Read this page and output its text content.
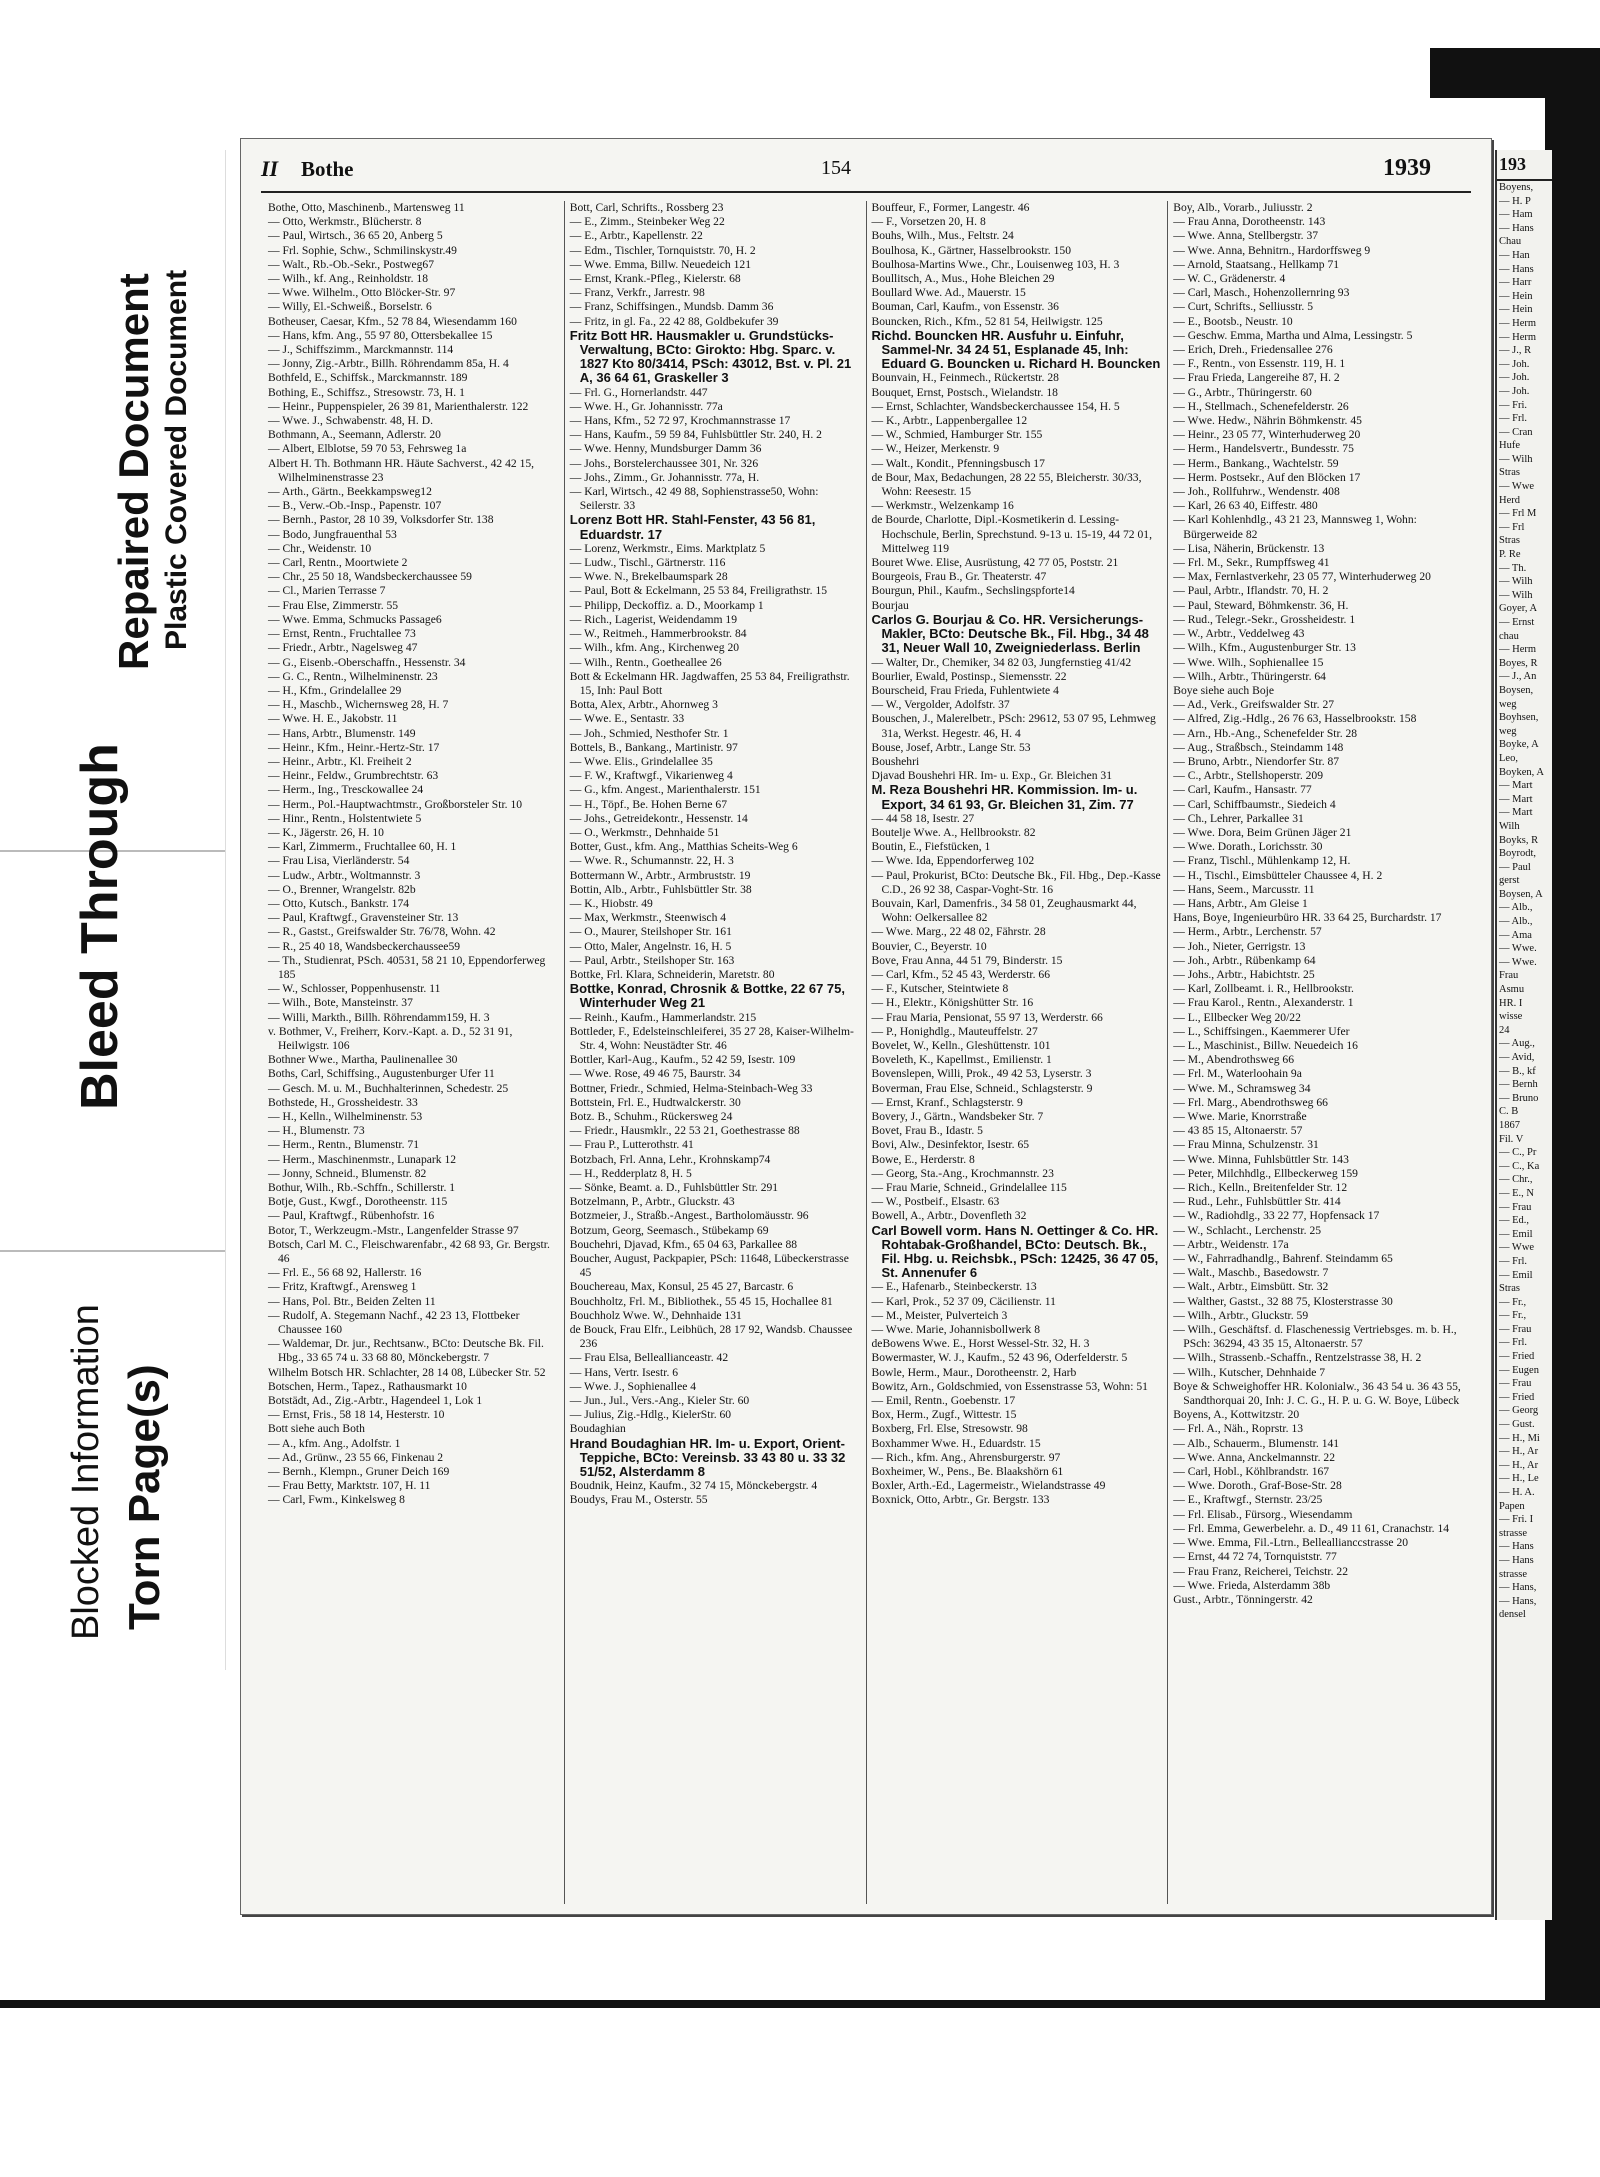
Torn Page(s)
Blocked Information
Bleed Through
Repaired Document Plastic Covered Document
II Bothe	154	1939

Bothe, Otto, Maschinenb., Martensweg 11

— Otto, Werkmstr., Blücherstr. 8

— Paul, Wirtsch., 36 65 20, Anberg 5

— Frl. Sophie, Schw., Schmilinskystr.49

— Walt., Rb.-Ob.-Sekr., Postweg67

— Wilh., kf. Ang., Reinholdstr. 18

— Wwe. Wilhelm., Otto Blöcker-Str. 97

— Willy, El.-Schweiß., Borselstr. 6

Botheuser, Caesar, Kfm., 52 78 84, Wiesendamm 160

— Hans, kfm. Ang., 55 97 80, Ottersbekallee 15

— J., Schiffszimm., Marckmannstr. 114

— Jonny, Zig.-Arbtr., Billh. Röhrendamm 85a, H. 4

Bothfeld, E., Schiffsk., Marckmannstr. 189

Bothing, E., Schiffsz., Stresowstr. 73, H. 1

— Heinr., Puppenspieler, 26 39 81, Marienthalerstr. 122

— Wwe. J., Schwabenstr. 48, H. D.

Bothmann, A., Seemann, Adlerstr. 20

— Albert, Elblotse, 59 70 53, Fehrsweg 1a

Albert H. Th. Bothmann HR. Häute Sachverst., 42 42 15, Wilhelminenstrasse 23

— Arth., Gärtn., Beekkampsweg12

— B., Verw.-Ob.-Insp., Papenstr. 107

— Bernh., Pastor, 28 10 39, Volksdorfer Str. 138

— Bodo, Jungfrauenthal 53

— Chr., Weidenstr. 10

— Carl, Rentn., Moortwiete 2

— Chr., 25 50 18, Wandsbeckerchaussee 59

— Cl., Marien Terrasse 7

— Frau Else, Zimmerstr. 55

— Wwe. Emma, Schmucks Passage6

— Ernst, Rentn., Fruchtallee 73

— Friedr., Arbtr., Nagelsweg 47

— G., Eisenb.-Oberschaffn., Hessenstr. 34

— G. C., Rentn., Wilhelminenstr. 23

— H., Kfm., Grindelallee 29

— H., Maschb., Wichernsweg 28, H. 7

— Wwe. H. E., Jakobstr. 11

— Hans, Arbtr., Blumenstr. 149

— Heinr., Kfm., Heinr.-Hertz-Str. 17

— Heinr., Arbtr., Kl. Freiheit 2

— Heinr., Feldw., Grumbrechtstr. 63

— Herm., Ing., Tresckowallee 24

— Herm., Pol.-Hauptwachtmstr., Großborsteler Str. 10

— Hinr., Rentn., Holstentwiete 5

— K., Jägerstr. 26, H. 10

— Karl, Zimmerm., Fruchtallee 60, H. 1

— Frau Lisa, Vierländerstr. 54

— Ludw., Arbtr., Woltmannstr. 3

— O., Brenner, Wrangelstr. 82b

— Otto, Kutsch., Bankstr. 174

— Paul, Kraftwgf., Gravensteiner Str. 13

— R., Gastst., Greifswalder Str. 76/78, Wohn. 42

— R., 25 40 18, Wandsbeckerchaussee59

— Th., Studienrat, PSch. 40531, 58 21 10, Eppendorferweg 185

— W., Schlosser, Poppenhusenstr. 11

— Wilh., Bote, Mansteinstr. 37

— Willi, Markth., Billh. Röhrendamm159, H. 3

v. Bothmer, V., Freiherr, Korv.-Kapt. a. D., 52 31 91, Heilwigstr. 106

Bothner Wwe., Martha, Paulinenallee 30

Boths, Carl, Schiffsing., Augustenburger Ufer 11

— Gesch. M. u. M., Buchhalterinnen, Schedestr. 25

Bothstede, H., Grossheidestr. 33

— H., Kelln., Wilhelminenstr. 53

— H., Blumenstr. 73

— Herm., Rentn., Blumenstr. 71

— Herm., Maschinenmstr., Lunapark 12

— Jonny, Schneid., Blumenstr. 82

Bothur, Wilh., Rb.-Schffn., Schillerstr. 1

Botje, Gust., Kwgf., Dorotheenstr. 115

— Paul, Kraftwgf., Rübenhofstr. 16

Botor, T., Werkzeugm.-Mstr., Langenfelder Strasse 97

Botsch, Carl M. C., Fleischwarenfabr., 42 68 93, Gr. Bergstr. 46

— Frl. E., 56 68 92, Hallerstr. 16

— Fritz, Kraftwgf., Arensweg 1

— Hans, Pol. Btr., Beiden Zelten 11

— Rudolf, A. Stegemann Nachf., 42 23 13, Flottbeker Chaussee 160

— Waldemar, Dr. jur., Rechtsanw., BCto: Deutsche Bk. Fil. Hbg., 33 65 74 u. 33 68 80, Mönckebergstr. 7

Wilhelm Botsch HR. Schlachter, 28 14 08, Lübecker Str. 52

Botschen, Herm., Tapez., Rathausmarkt 10

Botstädt, Ad., Zig.-Arbtr., Hagendeel 1, Lok 1

— Ernst, Fris., 58 18 14, Hesterstr. 10

Bott siehe auch Both

— A., kfm. Ang., Adolfstr. 1

— Ad., Grünw., 23 55 66, Finkenau 2

— Bernh., Klempn., Gruner Deich 169

— Frau Betty, Marktstr. 107, H. 11

— Carl, Fwm., Kinkelsweg 8

Bott, Carl, Schrifts., Rossberg 23

— E., Zimm., Steinbeker Weg 22

— E., Arbtr., Kapellenstr. 22

— Edm., Tischler, Tornquiststr. 70, H. 2

— Wwe. Emma, Billw. Neuedeich 121

— Ernst, Krank.-Pfleg., Kielerstr. 68

— Franz, Verkfr., Jarrestr. 98

— Franz, Schiffsingen., Mundsb. Damm 36

— Fritz, in gl. Fa., 22 42 88, Goldbekufer 39

Fritz Bott HR. Hausmakler u. Grundstücks-Verwaltung, BCto: Girokto: Hbg. Sparc. v. 1827 Kto 80/3414, PSch: 43012, Bst. v. Pl. 21 A, 36 64 61, Graskeller 3

— Frl. G., Hornerlandstr. 447

— Wwe. H., Gr. Johannisstr. 77a

— Hans, Kfm., 52 72 97, Krochmannstrasse 17

— Hans, Kaufm., 59 59 84, Fuhlsbüttler Str. 240, H. 2

— Wwe. Henny, Mundsburger Damm 36

— Johs., Borstelerchaussee 301, Nr. 326

— Johs., Zimm., Gr. Johannisstr. 77a, H.

— Karl, Wirtsch., 42 49 88, Sophienstrasse50, Wohn: Seilerstr. 33

Lorenz Bott HR. Stahl-Fenster, 43 56 81, Eduardstr. 17

— Lorenz, Werkmstr., Eims. Marktplatz 5

— Ludw., Tischl., Gärtnerstr. 116

— Wwe. N., Brekelbaumspark 28

— Paul, Bott & Eckelmann, 25 53 84, Freiligrathstr. 15

— Philipp, Deckoffiz. a. D., Moorkamp 1

— Rich., Lagerist, Weidendamm 19

— W., Reitmeh., Hammerbrookstr. 84

— Wilh., kfm. Ang., Kirchenweg 20

— Wilh., Rentn., Goetheallee 26

Bott & Eckelmann HR. Jagdwaffen, 25 53 84, Freiligrathstr. 15, Inh: Paul Bott

Botta, Alex, Arbtr., Ahornweg 3

— Wwe. E., Sentastr. 33

— Joh., Schmied, Nesthofer Str. 1

Bottels, B., Bankang., Martinistr. 97

— Wwe. Elis., Grindelallee 35

— F. W., Kraftwgf., Vikarienweg 4

— G., kfm. Angest., Marienthalerstr. 151

— H., Töpf., Be. Hohen Berne 67

— Johs., Getreidekontr., Hessenstr. 14

— O., Werkmstr., Dehnhaide 51

Botter, Gust., kfm. Ang., Matthias Scheits-Weg 6

— Wwe. R., Schumannstr. 22, H. 3

Bottermann W., Arbtr., Armbruststr. 19

Bottin, Alb., Arbtr., Fuhlsbüttler Str. 38

— K., Hiobstr. 49

— Max, Werkmstr., Steenwisch 4

— O., Maurer, Steilshoper Str. 161

— Otto, Maler, Angelnstr. 16, H. 5

— Paul, Arbtr., Steilshoper Str. 163

Bottke, Frl. Klara, Schneiderin, Maretstr. 80

Bottke, Konrad, Chrosnik & Bottke, 22 67 75, Winterhuder Weg 21

— Reinh., Kaufm., Hammerlandstr. 215

Bottleder, F., Edelsteinschleiferei, 35 27 28, Kaiser-Wilhelm-Str. 4, Wohn: Neustädter Str. 46

Bottler, Karl-Aug., Kaufm., 52 42 59, Isestr. 109

— Wwe. Rose, 49 46 75, Baurstr. 34

Bottner, Friedr., Schmied, Helma-Steinbach-Weg 33

Bottstein, Frl. E., Hudtwalckerstr. 30

Botz. B., Schuhm., Rückersweg 24

— Friedr., Hausmklr., 22 53 21, Goethestrasse 88

— Frau P., Lutterothstr. 41

Botzbach, Frl. Anna, Lehr., Krohnskamp74

— H., Redderplatz 8, H. 5

— Sönke, Beamt. a. D., Fuhlsbüttler Str. 291

Botzelmann, P., Arbtr., Gluckstr. 43

Botzmeier, J., Straßb.-Angest., Bartholomäusstr. 96

Botzum, Georg, Seemasch., Stübekamp 69

Bouchehri, Djavad, Kfm., 65 04 63, Parkallee 88

Boucher, August, Packpapier, PSch: 11648, Lübeckerstrasse 45

Bouchereau, Max, Konsul, 25 45 27, Barcastr. 6

Bouchholtz, Frl. M., Bibliothek., 55 45 15, Hochallee 81

Bouchholz Wwe. W., Dehnhaide 131

de Bouck, Frau Elfr., Leibhüch, 28 17 92, Wandsb. Chaussee 236

— Frau Elsa, Belleallianceastr. 42

— Hans, Vertr. Isestr. 6

— Wwe. J., Sophienallee 4

— Jun., Jul., Vers.-Ang., Kieler Str. 60

— Julius, Zig.-Hdlg., KielerStr. 60

Boudaghian

Hrand Boudaghian HR. Im- u. Export, Orient-Teppiche, BCto: Vereinsb. 33 43 80 u. 33 32 51/52, Alsterdamm 8

Boudnik, Heinz, Kaufm., 32 74 15, Mönckebergstr. 4

Boudys, Frau M., Osterstr. 55

Bouffeur, F., Former, Langestr. 46

— F., Vorsetzen 20, H. 8

Bouhs, Wilh., Mus., Feltstr. 24

Boulhosa, K., Gärtner, Hasselbrookstr. 150

Boulhosa-Martins Wwe., Chr., Louisenweg 103, H. 3

Boullitsch, A., Mus., Hohe Bleichen 29

Boullard Wwe. Ad., Mauerstr. 15

Bouman, Carl, Kaufm., von Essenstr. 36

Bouncken, Rich., Kfm., 52 81 54, Heilwigstr. 125

Richd. Bouncken HR. Ausfuhr u. Einfuhr, Sammel-Nr. 34 24 51, Esplanade 45, Inh: Eduard G. Bouncken u. Richard H. Bouncken

Bounvain, H., Feinmech., Rückertstr. 28

Bouquet, Ernst, Postsch., Wielandstr. 18

— Ernst, Schlachter, Wandsbeckerchaussee 154, H. 5

— K., Arbtr., Lappenbergallee 12

— W., Schmied, Hamburger Str. 155

— W., Heizer, Merkenstr. 9

— Walt., Kondit., Pfenningsbusch 17

de Bour, Max, Bedachungen, 28 22 55, Bleicherstr. 30/33, Wohn: Reesestr. 15

— Werkmstr., Welzenkamp 16

de Bourde, Charlotte, Dipl.-Kosmetikerin d. Lessing-Hochschule, Berlin, Sprechstund. 9-13 u. 15-19, 44 72 01, Mittelweg 119

Bouret Wwe. Elise, Ausrüstung, 42 77 05, Poststr. 21

Bourgeois, Frau B., Gr. Theaterstr. 47

Bourgun, Phil., Kaufm., Sechslingspforte14

Bourjau

Carlos G. Bourjau & Co. HR. Versicherungs-Makler, BCto: Deutsche Bk., Fil. Hbg., 34 48 31, Neuer Wall 10, Zweigniederlass. Berlin

— Walter, Dr., Chemiker, 34 82 03, Jungfernstieg 41/42

Bourlier, Ewald, Postinsp., Siemensstr. 22

Bourscheid, Frau Frieda, Fuhlentwiete 4

— W., Vergolder, Adolfstr. 37

Bouschen, J., Malerelbetr., PSch: 29612, 53 07 95, Lehmweg 31a, Werkst. Hegestr. 46, H. 4

Bouse, Josef, Arbtr., Lange Str. 53

Boushehri

Djavad Boushehri HR. Im- u. Exp., Gr. Bleichen 31

M. Reza Boushehri HR. Kommission. Im- u. Export, 34 61 93, Gr. Bleichen 31, Zim. 77

— 44 58 18, Isestr. 27

Boutelje Wwe. A., Hellbrookstr. 82

Boutin, E., Fiefstücken, 1

— Wwe. Ida, Eppendorferweg 102

— Paul, Prokurist, BCto: Deutsche Bk., Fil. Hbg., Dep.-Kasse C.D., 26 92 38, Caspar-Voght-Str. 16

Bouvain, Karl, Damenfris., 34 58 01, Zeughausmarkt 44, Wohn: Oelkersallee 82

— Wwe. Marg., 22 48 02, Fährstr. 28

Bouvier, C., Beyerstr. 10

Bove, Frau Anna, 44 51 79, Binderstr. 15

— Carl, Kfm., 52 45 43, Werderstr. 66

— F., Kutscher, Steintwiete 8

— H., Elektr., Königshütter Str. 16

— Frau Maria, Pensionat, 55 97 13, Werderstr. 66

— P., Honighdlg., Mauteuffelstr. 27

Bovelet, W., Kelln., Gleshüttenstr. 101

Boveleth, K., Kapellmst., Emilienstr. 1

Bovenslepen, Willi, Prok., 49 42 53, Lyserstr. 3

Boverman, Frau Else, Schneid., Schlagsterstr. 9

— Ernst, Kranf., Schlagsterstr. 9

Bovery, J., Gärtn., Wandsbeker Str. 7

Bovet, Frau B., Idastr. 5

Bovi, Alw., Desinfektor, Isestr. 65

Bowe, E., Herderstr. 8

— Georg, Sta.-Ang., Krochmannstr. 23

— Frau Marie, Schneid., Grindelallee 115

— W., Postbeif., Elsastr. 63

Bowell, A., Arbtr., Dovenfleth 32

Carl Bowell vorm. Hans N. Oettinger & Co. HR. Rohtabak-Großhandel, BCto: Deutsch. Bk., Fil. Hbg. u. Reichsbk., PSch: 12425, 36 47 05, St. Annenufer 6

— E., Hafenarb., Steinbeckerstr. 13

— Karl, Prok., 52 37 09, Cäcilienstr. 11

— M., Meister, Pulverteich 3

— Wwe. Marie, Johannisbollwerk 8

deBowens Wwe. E., Horst Wessel-Str. 32, H. 3

Bowermaster, W. J., Kaufm., 52 43 96, Oderfelderstr. 5

Bowle, Herm., Maur., Dorotheenstr. 2, Harb

Bowitz, Arn., Goldschmied, von Essenstrasse 53, Wohn: 51

— Emil, Rentn., Goebenstr. 17

Box, Herm., Zugf., Wittestr. 15

Boxberg, Frl. Else, Stresowstr. 98

Boxhammer Wwe. H., Eduardstr. 15

— Rich., kfm. Ang., Ahrensburgerstr. 97

Boxheimer, W., Pens., Be. Blaakshörn 61

Boxler, Arth.-Ed., Lagermeistr., Wielandstrasse 49

Boxnick, Otto, Arbtr., Gr. Bergstr. 133

Boy, Alb., Vorarb., Juliusstr. 2

— Frau Anna, Dorotheenstr. 143

— Wwe. Anna, Stellbergstr. 37

— Wwe. Anna, Behnitrn., Hardorffsweg 9

— Arnold, Staatsang., Hellkamp 71

— W. C., Grädenerstr. 4

— Carl, Masch., Hohenzollernring 93

— Curt, Schrifts., Selliusstr. 5

— E., Bootsb., Neustr. 10

— Geschw. Emma, Martha und Alma, Lessingstr. 5

— Erich, Dreh., Friedensallee 276

— F., Rentn., von Essenstr. 119, H. 1

— Frau Frieda, Langereihe 87, H. 2

— G., Arbtr., Thüringerstr. 60

— H., Stellmach., Schenefelderstr. 26

— Wwe. Hedw., Nährin Böhmkenstr. 45

— Heinr., 23 05 77, Winterhuderweg 20

— Herm., Handelsvertr., Bundesstr. 75

— Herm., Bankang., Wachtelstr. 59

— Herm. Postsekr., Auf den Blöcken 17

— Joh., Rollfuhrw., Wendenstr. 408

— Karl, 26 63 40, Eiffestr. 480

— Karl Kohlenhdlg., 43 21 23, Mannsweg 1, Wohn: Bürgerweide 82

— Lisa, Näherin, Brückenstr. 13

— Frl. M., Sekr., Rumpffsweg 41

— Max, Fernlastverkehr, 23 05 77, Winterhuderweg 20

— Paul, Arbtr., Iflandstr. 70, H. 2

— Paul, Steward, Böhmkenstr. 36, H.

— Rud., Telegr.-Sekr., Grossheidestr. 1

— W., Arbtr., Veddelweg 43

— Wilh., Kfm., Augustenburger Str. 13

— Wwe. Wilh., Sophienallee 15

— Wilh., Arbtr., Thüringerstr. 64

Boye siehe auch Boje

— Ad., Verk., Greifswalder Str. 27

— Alfred, Zig.-Hdlg., 26 76 63, Hasselbrookstr. 158

— Arn., Hb.-Ang., Schenefelder Str. 28

— Aug., Straßbsch., Steindamm 148

— Bruno, Arbtr., Niendorfer Str. 87

— C., Arbtr., Stellshoperstr. 209

— Carl, Kaufm., Hansastr. 77

— Carl, Schiffbaumstr., Siedeich 4

— Ch., Lehrer, Parkallee 31

— Wwe. Dora, Beim Grünen Jäger 21

— Wwe. Dorath., Lorichsstr. 30

— Franz, Tischl., Mühlenkamp 12, H.

— H., Tischl., Eimsbütteler Chaussee 4, H. 2

— Hans, Seem., Marcusstr. 11

— Hans, Arbtr., Am Gleise 1

Hans, Boye, Ingenieurbüro HR. 33 64 25, Burchardstr. 17

— Herm., Arbtr., Lerchenstr. 57

— Joh., Nieter, Gerrigstr. 13

— Joh., Arbtr., Rübenkamp 64

— Johs., Arbtr., Habichtstr. 25

— Karl, Zollbeamt. i. R., Hellbrookstr.

— Frau Karol., Rentn., Alexanderstr. 1

— L., Ellbecker Weg 20/22

— L., Schiffsingen., Kaemmerer Ufer

— L., Maschinist., Billw. Neuedeich 16

— M., Abendrothsweg 66

— Frl. M., Waterloohain 9a

— Wwe. M., Schramsweg 34

— Frl. Marg., Abendrothsweg 66

— Wwe. Marie, Knorrstraße

— 43 85 15, Altonaerstr. 57

— Frau Minna, Schulzenstr. 31

— Wwe. Minna, Fuhlsbüttler Str. 143

— Peter, Milchhdlg., Ellbeckerweg 159

— Rich., Kelln., Breitenfelder Str. 12

— Rud., Lehr., Fuhlsbüttler Str. 414

— W., Radiohdlg., 33 22 77, Hopfensack 17

— W., Schlacht., Lerchenstr. 25

— Arbtr., Weidenstr. 17a

— W., Fahrradhandlg., Bahrenf. Steindamm 65

— Walt., Maschb., Basedowstr. 7

— Walt., Arbtr., Eimsbütt. Str. 32

— Walther, Gastst., 32 88 75, Klosterstrasse 30

— Wilh., Arbtr., Gluckstr. 59

— Wilh., Geschäftsf. d. Flaschenessig Vertriebsges. m. b. H., PSch: 36294, 43 35 15, Altonaerstr. 57

— Wilh., Strassenb.-Schaffn., Rentzelstrasse 38, H. 2

— Wilh., Kutscher, Dehnhaide 7

Boye & Schweighoffer HR. Kolonialw., 36 43 54 u. 36 43 55, Sandthorquai 20, Inh: J. C. G., H. P. u. G. W. Boye, Lübeck

Boyens, A., Kottwitzstr. 20

— Frl. A., Näh., Roprstr. 13

— Alb., Schauerm., Blumenstr. 141

— Wwe. Anna, Anckelmannstr. 22

— Carl, Hobl., Köhlbrandstr. 167

— Wwe. Doroth., Graf-Bose-Str. 28

— E., Kraftwgf., Sternstr. 23/25

— Frl. Elisab., Fürsorg., Wiesendamm

— Frl. Emma, Gewerbelehr. a. D., 49 11 61, Cranachstr. 14

— Wwe. Emma, Fil.-Ltrn., Belleallianccstrasse 20

— Ernst, 44 72 74, Tornquiststr. 77

— Frau Franz, Reicherei, Teichstr. 22

— Wwe. Frieda, Alsterdamm 38b

Gust., Arbtr., Tönningerstr. 42

193
Boyens,
— H. P
— Ham
— Hans
Chau
— Han
— Hans
— Harr
— Hein
— Hein
— Herm
— Herm
— J., R
— Joh.
— Joh.
— Joh.
— Fri.
— Frl.
— Cran
Hufe
— Wilh
Stras
— Wwe
Herd
— Frl M
— Frl
Stras
P. Re
— Th.
— Wilh
— Wilh
Goyer, A
— Ernst
chau
— Herm
Boyes, R
— J., An
Boysen,
weg
Boyhsen,
weg
Boyke, A
Leo,
Boyken, A
— Mart
— Mart
— Mart
Wilh
Boyks, R
Boyrodt,
— Paul
gerst
Boysen, A
— Alb.,
— Alb.,
— Ama
— Wwe.
— Wwe.
Frau
Asmu
HR. I
wisse
24
— Aug.,
— Avid,
— B., kf
— Bernh
— Bruno
C. B
1867
Fil. V
— C., Pr
— C., Ka
— Chr.,
— E., N
— Frau
— Ed.,
— Emil
— Wwe
— Frl.
— Emil
Stras
— Fr.,
— Fr.,
— Frau
— Frl.
— Fried
— Eugen
— Frau
— Fried
— Georg
— Gust.
— H., Mi
— H., Ar
— H., Ar
— H., Le
— H. A.
Papen
— Fri. I
strasse
— Hans
— Hans
strasse
— Hans,
— Hans,
densel
